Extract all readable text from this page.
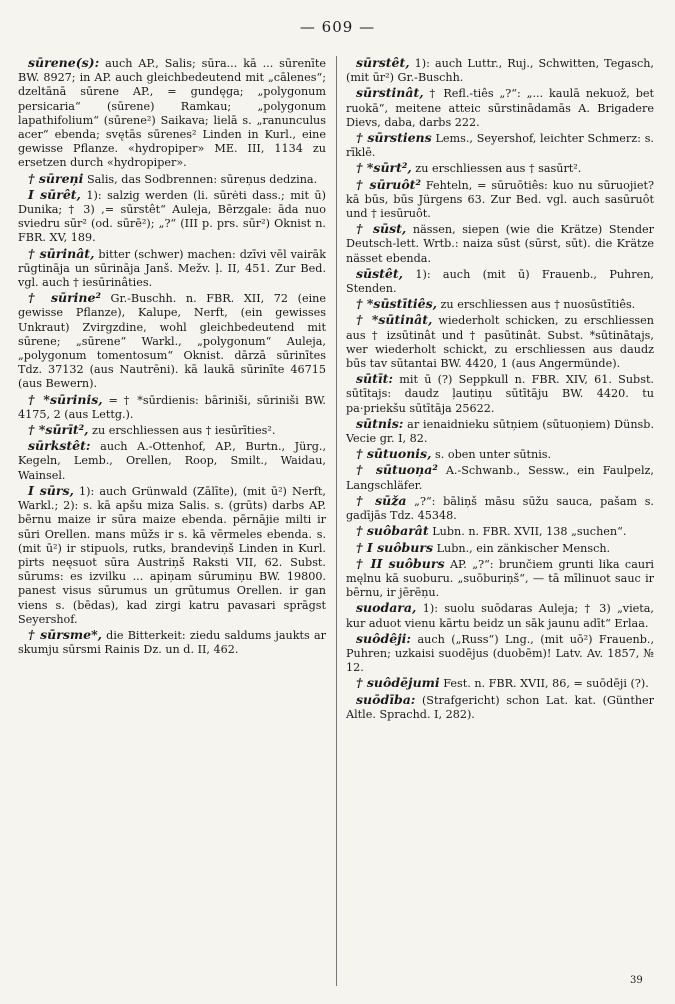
— 609 —
sūrene(s): auch AP., Salis; sūra... kā ... sūrenīte BW. 8927; in AP. auch gleichbedeutend mit „cālenes“; dzeltānā sūrene AP., = gundęga; „polygonum persicaria“ (sūrene) Ramkau; „polygonum lapathifolium“ (sūrene²) Saikava; lielā s. „ranunculus acer“ ebenda; svętās sūrenes² Linden in Kurl., eine gewisse Pflanze. «hydropiper» ME. III, 1134 zu ersetzen durch «hydropiper».
† sūreņi Salis, das Sodbrennen: sūreņus dedzina.
I sūrêt, 1): salzig werden (li. sūrėti dass.; mit ū) Dunika; † 3) ,= sūrstêt“ Auleja, Bērzgale: āda nuo sviedru sūr² (od. sūrē²); „?“ (III p. prs. sūr²) Oknist n. FBR. XV, 189.
† sūrinât, bitter (schwer) machen: dzīvi vēl vairāk rūgtināja un sūrināja Janš. Mežv. ļ. II, 451. Zur Bed. vgl. auch † iesūrinâties.
† sūrine² Gr.-Buschh. n. FBR. XII, 72 (eine gewisse Pflanze), Kalupe, Nerft, (ein gewisses Unkraut) Zvirgzdine, wohl gleichbedeutend mit sūrene; „sūrene“ Warkl., „polygonum“ Auleja, „polygonum tomentosum“ Oknist. dārzā sūrinītes Tdz. 37132 (aus Nautrēni). kā laukā sūrinīte 46715 (aus Bewern).
† *sūrinis, = † *sūrdienis: bāriniši, sūriniši BW. 4175, 2 (aus Lettg.).
† *sūrīt², zu erschliessen aus † iesūrīties².
sūrkstêt: auch A.-Ottenhof, AP., Burtn., Jürg., Kegeln, Lemb., Orellen, Roop, Smilt., Waidau, Wainsel.
I sūrs, 1): auch Grünwald (Zālīte), (mit ū²) Nerft, Warkl.; 2): s. kā apšu miza Salis. s. (grūts) darbs AP. bērnu maize ir sūra maize ebenda. pērnājie milti ir sūri Orellen. mans mūžs ir s. kā vērmeles ebenda. s. (mit ū²) ir stipuols, rutks, brandeviņš Linden in Kurl. pirts neęsuot sūra Austriņš Raksti VII, 62. Subst. sūrums: es izvilku ... apiņam sūrumiņu BW. 19800. panest visus sūrumus un grūtumus Orellen. ir gan viens s. (bēdas), kad zirgi katru pavasari sprāgst Seyershof.
† sūrsme*, die Bitterkeit: ziedu saldums jaukts ar skumju sūrsmi Rainis Dz. un d. II, 462.
sūrstêt, 1): auch Luttr., Ruj., Schwitten, Tegasch, (mit ūr²) Gr.-Buschh.
sūrstinât, † Refl.-tiês „?“: „... kaulā nekuož, bet ruokā“, meitene atteic sūrstinādamās A. Brigadere Dievs, daba, darbs 222.
† sūrstiens Lems., Seyershof, leichter Schmerz: s. rīklē.
† *sūrt², zu erschliessen aus † sasūrt².
† sūruôt² Fehteln, = sūruōtiês: kuo nu sūruojiet? kā būs, būs Jürgens 63. Zur Bed. vgl. auch sasūruôt und † iesūruôt.
† sūst, nässen, siepen (wie die Krätze) Stender Deutsch-lett. Wrtb.: naiza sūst (sūrst, sūt). die Krätze nässet ebenda.
sūstêt, 1): auch (mit ū) Frauenb., Puhren, Stenden.
† *sūstītiês, zu erschliessen aus † nuosūstītiês.
† *sūtinât, wiederholt schicken, zu erschliessen aus † izsūtinât und † pasūtinât. Subst. *sūtinātajs, wer wiederholt schickt, zu erschliessen aus daudz būs tav sūtantai BW. 4420, 1 (aus Angermünde).
sūtīt: mit ū (?) Seppkull n. FBR. XIV, 61. Subst. sūtītajs: daudz ļautiņu sūtītāju BW. 4420. tu pa·priekšu sūtītāja 25622.
sūtnis: ar ienaidnieku sūtņiem (sūtuoņiem) Dünsb. Vecie gr. I, 82.
† sūtuonis, s. oben unter sūtnis.
† sūtuoņa² A.-Schwanb., Sessw., ein Faulpelz, Langschläfer.
† sūža „?“: bāliņš māsu sūžu sauca, pašam s. gadījās Tdz. 45348.
† suôbarât Lubn. n. FBR. XVII, 138 „suchen“.
† I suôburs Lubn., ein zänkischer Mensch.
† II suôburs AP. „?“: brunčiem grunti lika cauri męlnu kā suoburu. „suōburiņš“, — tā mīlinuot sauc ir bērnu, ir jērēņu.
suodara, 1): suolu suōdaras Auleja; † 3) „vieta, kur aduot vienu kārtu beidz un sāk jaunu adīt“ Erlaa.
suôdêji: auch („Russ“) Lng., (mit uō²) Frauenb., Puhren; uzkaisi suodējus (duobēm)! Latv. Av. 1857, № 12.
† suôdējumi Fest. n. FBR. XVII, 86, = suōdēji (?).
suōdība: (Strafgericht) schon Lat. kat. (Günther Altle. Sprachd. I, 282).
39
